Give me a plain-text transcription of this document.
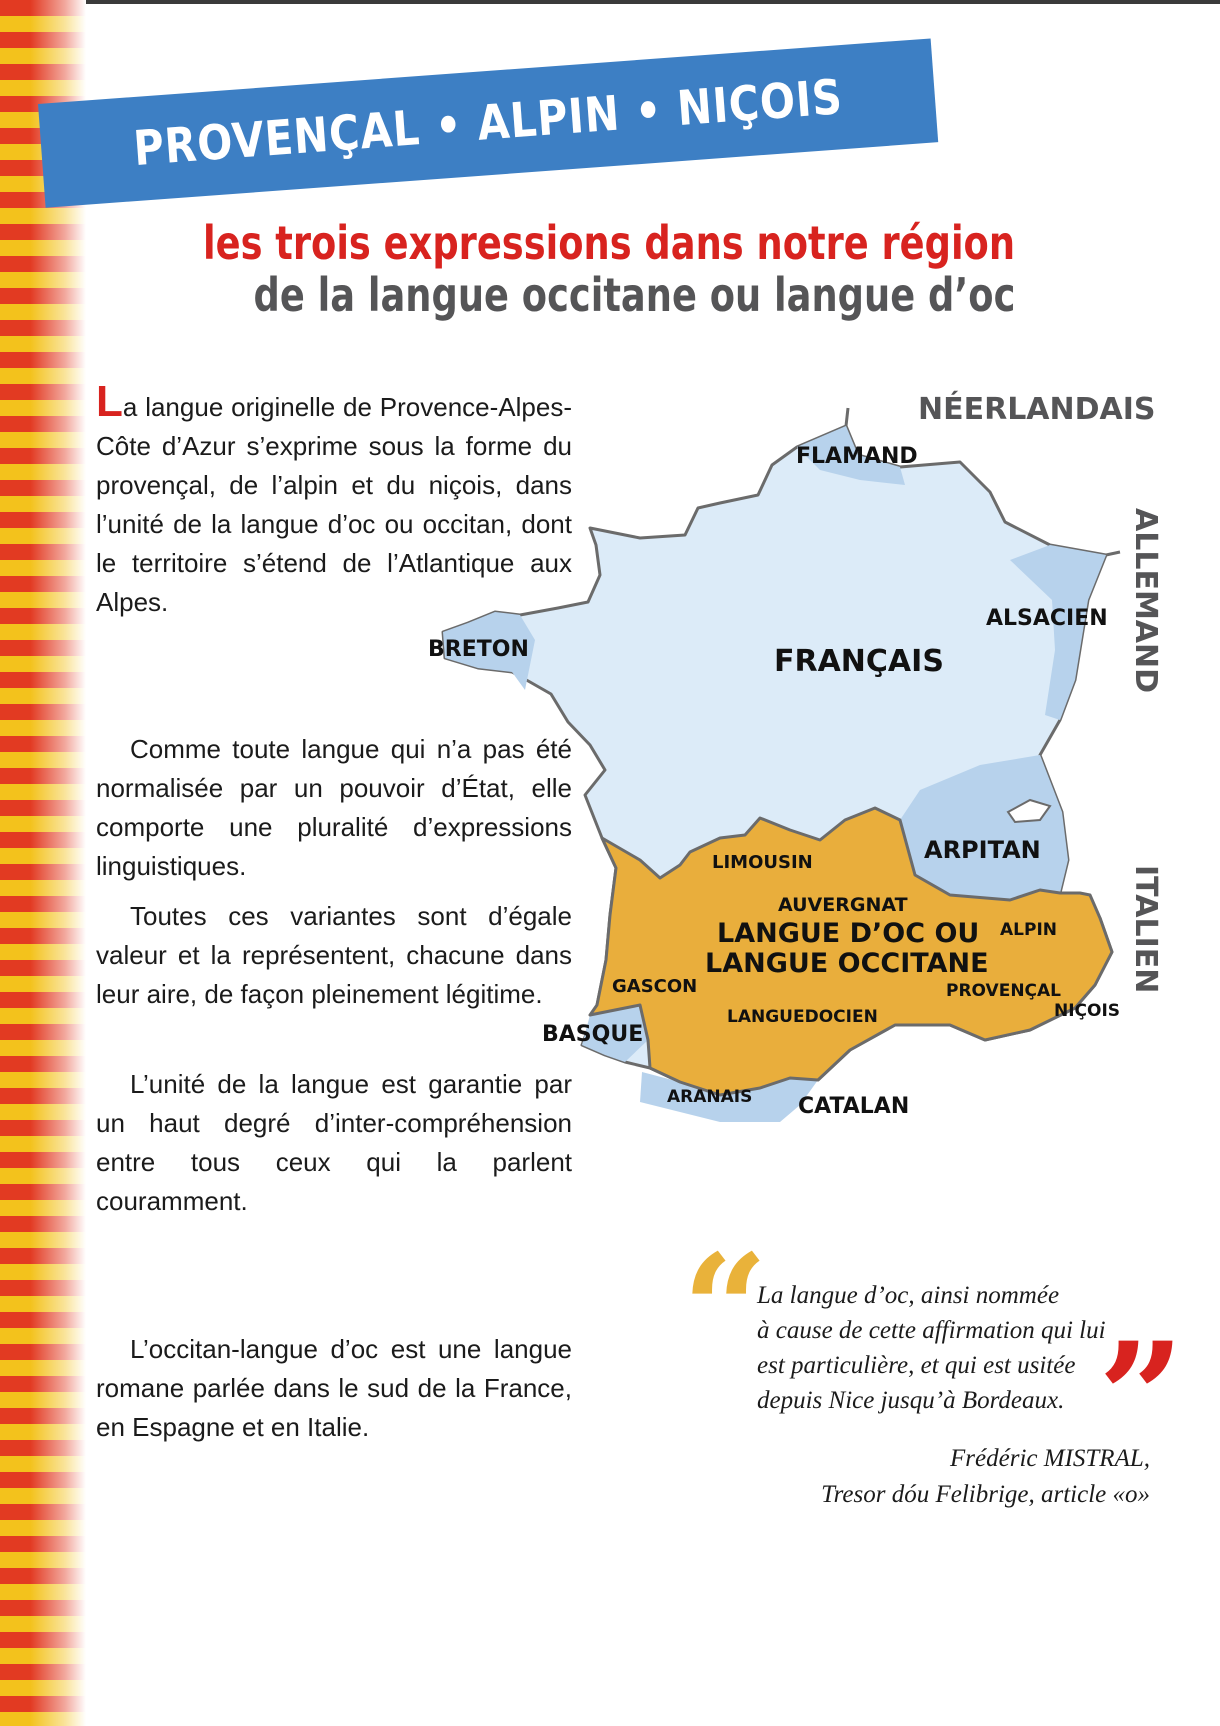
PROVENÇAL • ALPIN • NIÇOIS
les trois expressions dans notre région
de la langue occitane ou langue d’oc

La langue originelle de Provence-Alpes-Côte d’Azur s’exprime sous la forme du provençal, de l’alpin et du niçois, dans l’unité de la langue d’oc ou occitan, dont le territoire s’étend de l’Atlantique aux Alpes.

Comme toute langue qui n’a pas été normalisée par un pouvoir d’État, elle comporte une pluralité d’expressions linguistiques.

Toutes ces variantes sont d’égale valeur et la représentent, chacune dans leur aire, de façon pleinement légitime.

L’unité de la langue est garantie par un haut degré d’inter-compréhension entre tous ceux qui la parlent couramment.

L’occitan-langue d’oc est une langue romane parlée dans le sud de la France, en Espagne et en Italie.

NÉERLANDAIS
ALLEMAND
ITALIEN
FLAMAND
ALSACIEN
BRETON	FRANÇAIS
ARPITAN
LIMOUSIN
AUVERGNAT
LANGUE D’OC OU
LANGUE OCCITANE
ALPIN
GASCON	PROVENÇAL
NIÇOIS
LANGUEDOCIEN
BASQUE
ARANAIS CATALAN
“
La langue d’oc, ainsi nommée
à cause de cette affirmation qui lui
est particulière, et qui est usitée
depuis Nice jusqu’à Bordeaux. ”
Frédéric MISTRAL,
Tresor dóu Felibrige, article «o»
